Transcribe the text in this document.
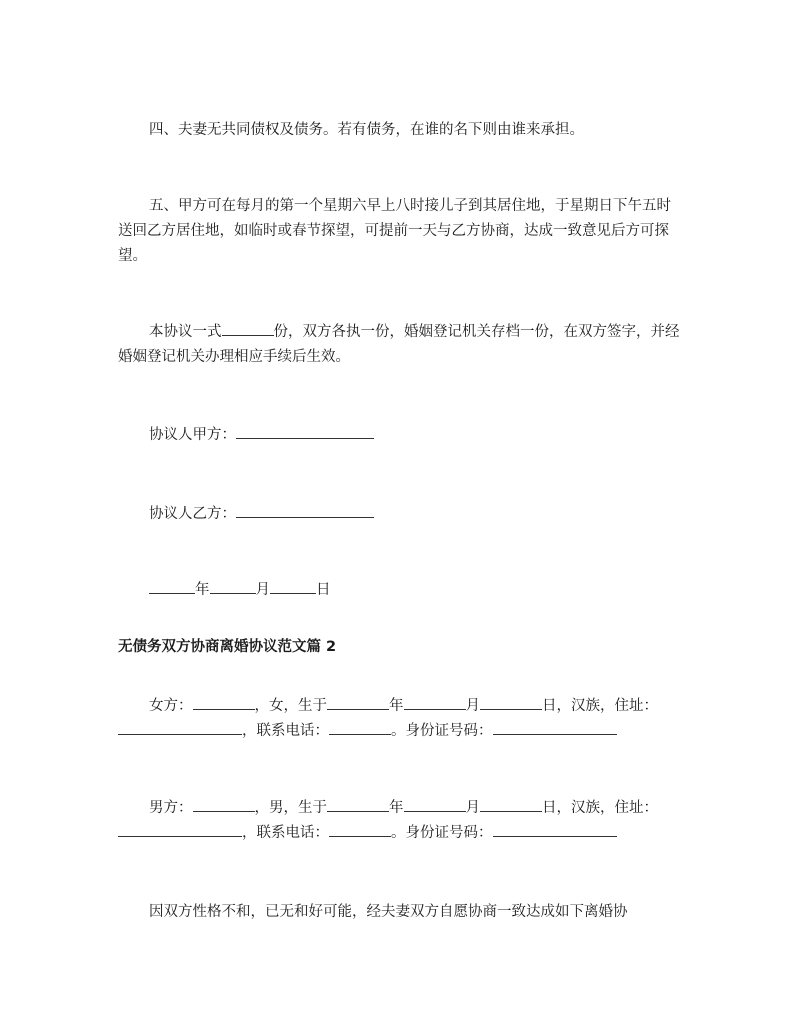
四、夫妻无共同债权及债务。若有债务，在谁的名下则由谁来承担。

五、甲方可在每月的第一个星期六早上八时接儿子到其居住地，于星期日下午五时送回乙方居住地，如临时或春节探望，可提前一天与乙方协商，达成一致意见后方可探望。

本协议一式	份，双方各执一份，婚姻登记机关存档一份，在双方签字，并经婚姻登记机关办理相应手续后生效。

协议人甲方：

协议人乙方：

年	月	日

无债务双方协商离婚协议范文篇 2

女方：	，女，生于	年	月	日，汉族，住址：，联系电话：	。身份证号码：

男方：	，男，生于	年	月	日，汉族，住址：，联系电话：	。身份证号码：

因双方性格不和，已无和好可能，经夫妻双方自愿协商一致达成如下离婚协
